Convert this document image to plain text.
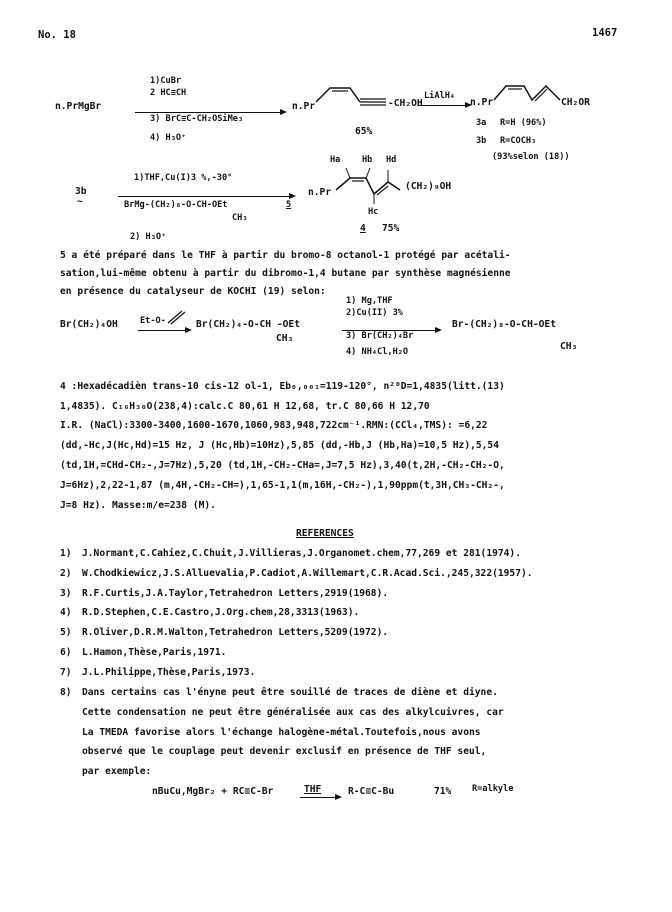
No. 18	1467
n.PrMgBr
1)CuBr
2 HC≡CH
3) BrC≡C-CH₂OSiMe₃
4) H₃O⁺
n.Pr	-CH₂OH
65%
LiAlH₄
n.Pr	CH₂OR
3a R=H (96%)
3b R=COCH₃
(93%selon (18))
3b
~
1)THF,Cu(I)3 %,-30°
BrMg-(CH₂)₈-O-CH-OEt	5
CH₃
2) H₃O⁺
n.Pr
Ha	Hb Hd
(CH₂)₉OH
Hc
4 75%
5 a été préparé dans le THF à partir du bromo-8 octanol-1 protégé par acétali-
sation,lui-même obtenu à partir du dibromo-1,4 butane par synthèse magnésienne
en présence du catalyseur de KOCHI (19) selon:
Br(CH₂)₄OH	Et-O-	Br(CH₂)₄-O-CH -OEt
CH₃
1) Mg,THF
2)Cu(II) 3%
3) Br(CH₂)₄Br
4) NH₄Cl,H₂O
Br-(CH₂)₈-O-CH-OEt
CH₃
4 :Hexadécadièn trans-10 cis-12 ol-1, Eb₀,₀₀₁=119-120°, n²⁰D=1,4835(litt.(13)
1,4835). C₁₆H₃₀O(238,4):calc.C 80,61 H 12,68, tr.C 80,66 H 12,70
I.R. (NaCl):3300-3400,1600-1670,1060,983,948,722cm⁻¹.RMN:(CCl₄,TMS): =6,22
(dd,-Hc,J(Hc,Hd)=15 Hz, J (Hc,Hb)=10Hz),5,85 (dd,-Hb,J (Hb,Ha)=10,5 Hz),5,54
(td,1H,=CHd-CH₂-,J=7Hz),5,20 (td,1H,-CH₂-CHa=,J=7,5 Hz),3,40(t,2H,-CH₂-CH₂-O,
J=6Hz),2,22-1,87 (m,4H,-CH₂-CH=),1,65-1,1(m,16H,-CH₂-),1,90ppm(t,3H,CH₃-CH₂-,
J=8 Hz). Masse:m/e=238 (M).
REFERENCES
1) J.Normant,C.Cahiez,C.Chuit,J.Villieras,J.Organomet.chem,77,269 et 281(1974).
2) W.Chodkiewicz,J.S.Alluevalia,P.Cadiot,A.Willemart,C.R.Acad.Sci.,245,322(1957).
3) R.F.Curtis,J.A.Taylor,Tetrahedron Letters,2919(1968).
4) R.D.Stephen,C.E.Castro,J.Org.chem,28,3313(1963).
5) R.Oliver,D.R.M.Walton,Tetrahedron Letters,5209(1972).
6) L.Hamon,Thèse,Paris,1971.
7) J.L.Philippe,Thèse,Paris,1973.
8) Dans certains cas l'ényne peut être souillé de traces de diène et diyne.
Cette condensation ne peut être généralisée aux cas des alkylcuivres, car
La TMEDA favorise alors l'échange halogène-métal.Toutefois,nous avons
observé que le couplage peut devenir exclusif en présence de THF seul,
par exemple:
nBuCu,MgBr₂ + RC≡C-Br	THF	R-C≡C-Bu	71% R=alkyle
